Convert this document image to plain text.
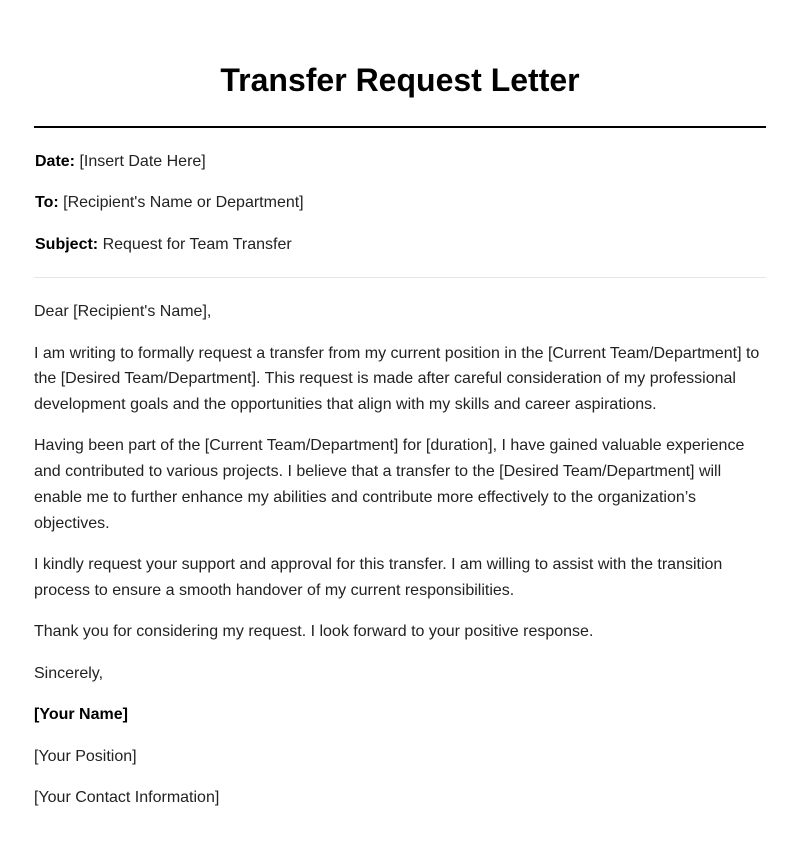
Transfer Request Letter
Date: [Insert Date Here]
To: [Recipient's Name or Department]
Subject: Request for Team Transfer

Dear [Recipient's Name],

I am writing to formally request a transfer from my current position in the [Current Team/Department] to the [Desired Team/Department]. This request is made after careful consideration of my professional development goals and the opportunities that align with my skills and career aspirations.

Having been part of the [Current Team/Department] for [duration], I have gained valuable experience and contributed to various projects. I believe that a transfer to the [Desired Team/Department] will enable me to further enhance my abilities and contribute more effectively to the organization’s objectives.

I kindly request your support and approval for this transfer. I am willing to assist with the transition process to ensure a smooth handover of my current responsibilities.

Thank you for considering my request. I look forward to your positive response.

Sincerely,

[Your Name]

[Your Position]

[Your Contact Information]
